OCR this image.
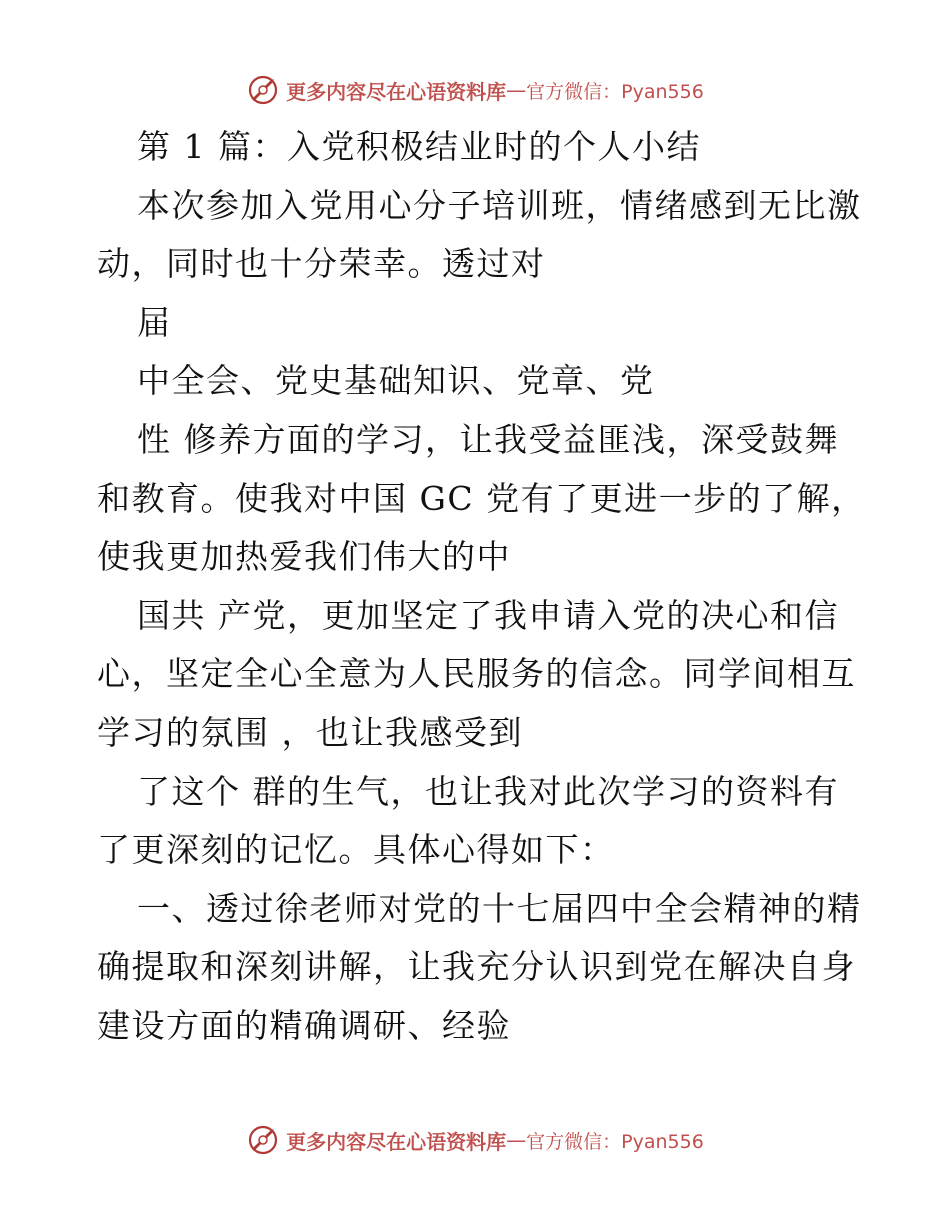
更多内容尽在心语资料库 — 官方微信：Pyan556
第 1 篇：入党积极结业时的个人小结
本次参加入党用心分子培训班，情绪感到无比激
动，同时也十分荣幸。透过对
届
中全会、党史基础知识、党章、党
性 修养方面的学习，让我受益匪浅，深受鼓舞
和教育。使我对中国 GC 党有了更进一步的了解，
使我更加热爱我们伟大的中
国共 产党，更加坚定了我申请入党的决心和信
心，坚定全心全意为人民服务的信念。同学间相互
学习的氛围 ，也让我感受到
了这个 群的生气，也让我对此次学习的资料有
了更深刻的记忆。具体心得如下：
一、透过徐老师对党的十七届四中全会精神的精
确提取和深刻讲解，让我充分认识到党在解决自身
建设方面的精确调研、经验
更多内容尽在心语资料库 — 官方微信：Pyan556
